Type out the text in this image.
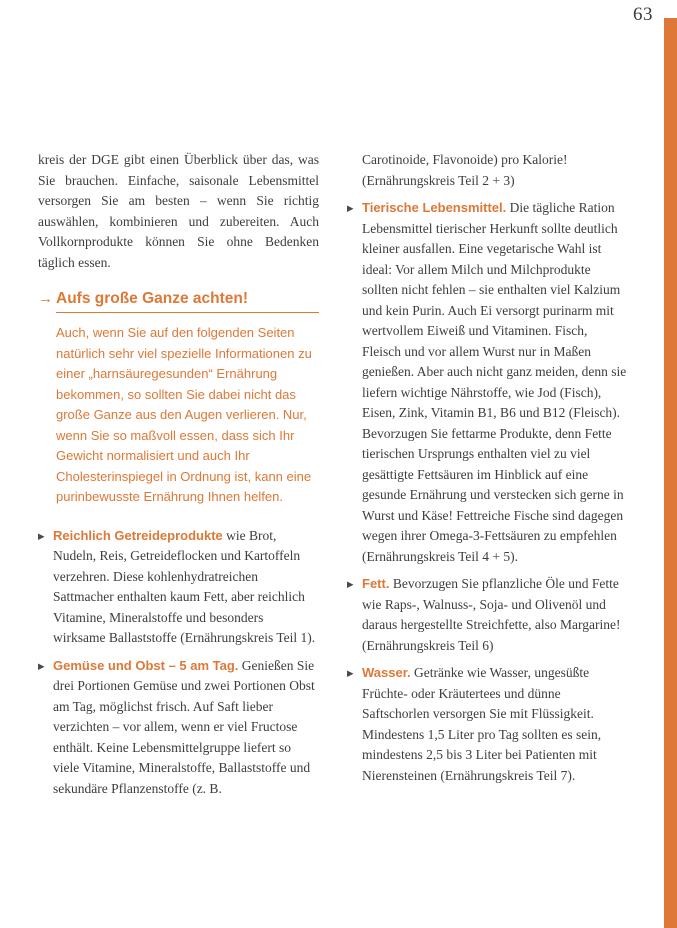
63

kreis der DGE gibt einen Überblick über das, was Sie brauchen. Einfache, saisonale Lebensmittel versorgen Sie am besten – wenn Sie richtig auswählen, kombinieren und zubereiten. Auch Vollkornprodukte können Sie ohne Bedenken täglich essen.

→ Aufs große Ganze achten!

Auch, wenn Sie auf den folgenden Seiten natürlich sehr viel spezielle Informationen zu einer „harnsäuregesunden“ Ernährung bekommen, so sollten Sie dabei nicht das große Ganze aus den Augen verlieren. Nur, wenn Sie so maßvoll essen, dass sich Ihr Gewicht normalisiert und auch Ihr Cholesterinspiegel in Ordnung ist, kann eine purinbewusste Ernährung Ihnen helfen.

▶ Reichlich Getreideprodukte wie Brot, Nudeln, Reis, Getreideflocken und Kartoffeln verzehren. Diese kohlenhydratreichen Sattmacher enthalten kaum Fett, aber reichlich Vitamine, Mineralstoffe und besonders wirksame Ballaststoffe (Ernährungskreis Teil 1).

▶ Gemüse und Obst – 5 am Tag. Genießen Sie drei Portionen Gemüse und zwei Portionen Obst am Tag, möglichst frisch. Auf Saft lieber verzichten – vor allem, wenn er viel Fructose enthält. Keine Lebensmittelgruppe liefert so viele Vitamine, Mineralstoffe, Ballaststoffe und sekundäre Pflanzenstoffe (z. B.

Carotinoide, Flavonoide) pro Kalorie! (Ernährungskreis Teil 2 + 3)

▶ Tierische Lebensmittel. Die tägliche Ration Lebensmittel tierischer Herkunft sollte deutlich kleiner ausfallen. Eine vegetarische Wahl ist ideal: Vor allem Milch und Milchprodukte sollten nicht fehlen – sie enthalten viel Kalzium und kein Purin. Auch Ei versorgt purinarm mit wertvollem Eiweiß und Vitaminen. Fisch, Fleisch und vor allem Wurst nur in Maßen genießen. Aber auch nicht ganz meiden, denn sie liefern wichtige Nährstoffe, wie Jod (Fisch), Eisen, Zink, Vitamin B1, B6 und B12 (Fleisch). Bevorzugen Sie fettarme Produkte, denn Fette tierischen Ursprungs enthalten viel zu viel gesättigte Fettsäuren im Hinblick auf eine gesunde Ernährung und verstecken sich gerne in Wurst und Käse! Fettreiche Fische sind dagegen wegen ihrer Omega-3-Fettsäuren zu empfehlen (Ernährungskreis Teil 4 + 5).

▶ Fett. Bevorzugen Sie pflanzliche Öle und Fette wie Raps-, Walnuss-, Soja- und Olivenöl und daraus hergestellte Streichfette, also Margarine! (Ernährungskreis Teil 6)

▶ Wasser. Getränke wie Wasser, ungesüßte Früchte- oder Kräutertees und dünne Saftschorlen versorgen Sie mit Flüssigkeit. Mindestens 1,5 Liter pro Tag sollten es sein, mindestens 2,5 bis 3 Liter bei Patienten mit Nierensteinen (Ernährungskreis Teil 7).
